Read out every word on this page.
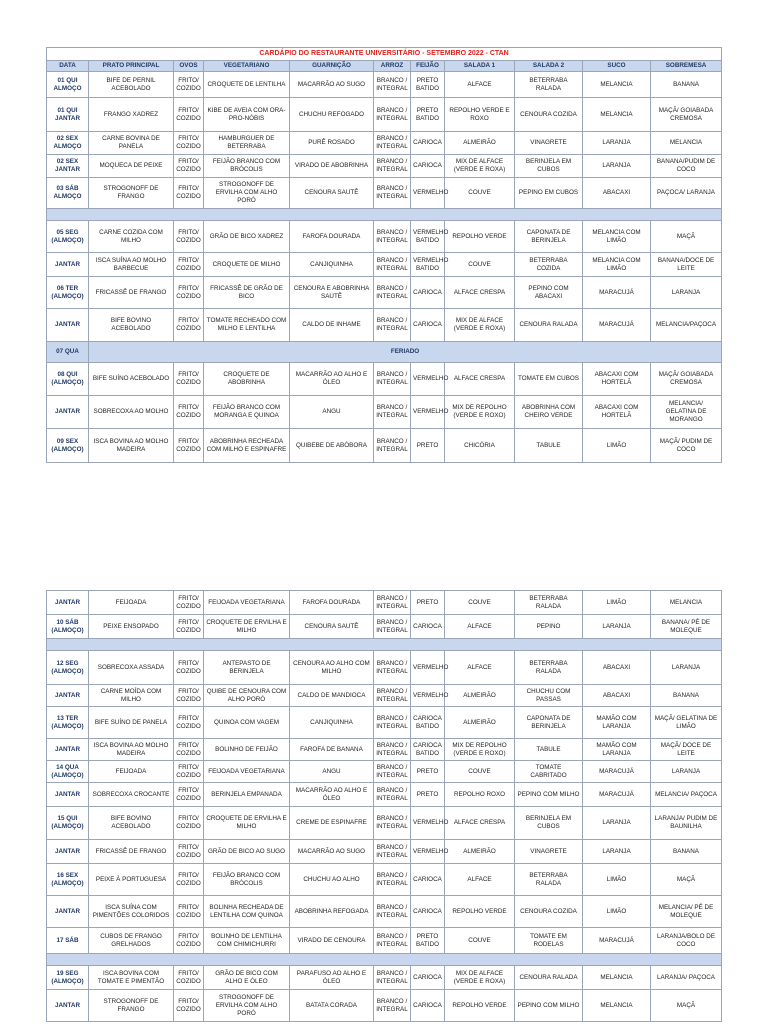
CARDÁPIO DO RESTAURANTE UNIVERSITÁRIO - SETEMBRO 2022 - CTAN										
DATA	PRATO PRINCIPAL	OVOS	VEGETARIANO	GUARNIÇÃO	ARROZ	FEIJÃO	SALADA 1	SALADA 2	SUCO	SOBREMESA
01 QUI ALMOÇO	BIFE DE PERNIL ACEBOLADO	FRITO/ COZIDO	CROQUETE DE LENTILHA	MACARRÃO AO SUGO	BRANCO / INTEGRAL	PRETO BATIDO	ALFACE	BETERRABA RALADA	MELANCIA	BANANA
01 QUI JANTAR	FRANGO XADREZ	FRITO/ COZIDO	KIBE DE AVEIA COM ORA-PRO-NÓBIS	CHUCHU REFOGADO	BRANCO / INTEGRAL	PRETO BATIDO	REPOLHO VERDE E ROXO	CENOURA COZIDA	MELANCIA	MAÇÃ/ GOIABADA CREMOSA
02 SEX ALMOÇO	CARNE BOVINA DE PANELA	FRITO/ COZIDO	HAMBURGUER DE BETERRABA	PURÊ ROSADO	BRANCO / INTEGRAL	CARIOCA	ALMEIRÃO	VINAGRETE	LARANJA	MELANCIA
02 SEX JANTAR	MOQUECA DE PEIXE	FRITO/ COZIDO	FEIJÃO BRANCO COM BRÓCOLIS	VIRADO DE ABOBRINHA	BRANCO / INTEGRAL	CARIOCA	MIX DE ALFACE (VERDE E ROXA)	BERINJELA EM CUBOS	LARANJA	BANANA/PUDIM DE COCO
03 SÁB ALMOÇO	STROGONOFF DE FRANGO	FRITO/ COZIDO	STROGONOFF DE ERVILHA COM ALHO PORÓ	CENOURA SAUTÊ	BRANCO / INTEGRAL	VERMELHO	COUVE	PEPINO EM CUBOS	ABACAXI	PAÇOCA/ LARANJA

05 SEG (ALMOÇO)	CARNE COZIDA COM MILHO	FRITO/ COZIDO	GRÃO DE BICO XADREZ	FAROFA DOURADA	BRANCO / INTEGRAL	VERMELHO BATIDO	REPOLHO VERDE	CAPONATA DE BERINJELA	MELANCIA COM LIMÃO	MAÇÃ
JANTAR	ISCA SUÍNA AO MOLHO BARBECUE	FRITO/ COZIDO	CROQUETE DE MILHO	CANJIQUINHA	BRANCO / INTEGRAL	VERMELHO BATIDO	COUVE	BETERRABA COZIDA	MELANCIA COM LIMÃO	BANANA/DOCE DE LEITE
06 TER (ALMOÇO)	FRICASSÊ DE FRANGO	FRITO/ COZIDO	FRICASSÊ DE GRÃO DE BICO	CENOURA E ABOBRINHA SAUTÊ	BRANCO / INTEGRAL	CARIOCA	ALFACE CRESPA	PEPINO COM ABACAXI	MARACUJÁ	LARANJA
JANTAR	BIFE BOVINO ACEBOLADO	FRITO/ COZIDO	TOMATE RECHEADO COM MILHO E LENTILHA	CALDO DE INHAME	BRANCO / INTEGRAL	CARIOCA	MIX DE ALFACE (VERDE E ROXA)	CENOURA RALADA	MARACUJÁ	MELANCIA/PAÇOCA
07 QUA	FERIADO									
08 QUI (ALMOÇO)	BIFE SUÍNO ACEBOLADO	FRITO/ COZIDO	CROQUETE DE ABOBRINHA	MACARRÃO AO ALHO E ÓLEO	BRANCO / INTEGRAL	VERMELHO	ALFACE CRESPA	TOMATE EM CUBOS	ABACAXI COM HORTELÃ	MAÇÃ/ GOIABADA CREMOSA
JANTAR	SOBRECOXA AO MOLHO	FRITO/ COZIDO	FEIJÃO BRANCO COM MORANGA E QUINOA	ANGU	BRANCO / INTEGRAL	VERMELHO	MIX DE REPOLHO (VERDE E ROXO)	ABOBRINHA COM CHEIRO VERDE	ABACAXI COM HORTELÃ	MELANCIA/ GELATINA DE MORANGO
09 SEX (ALMOÇO)	ISCA BOVINA AO MOLHO MADEIRA	FRITO/ COZIDO	ABOBRINHA RECHEADA COM MILHO E ESPINAFRE	QUIBEBE DE ABÓBORA	BRANCO / INTEGRAL	PRETO	CHICÓRIA	TABULE	LIMÃO	MAÇÃ/ PUDIM DE COCO
JANTAR	FEIJOADA	FRITO/ COZIDO	FEIJOADA VEGETARIANA	FAROFA DOURADA	BRANCO / INTEGRAL	PRETO	COUVE	BETERRABA RALADA	LIMÃO	MELANCIA
10 SÁB (ALMOÇO)	PEIXE ENSOPADO	FRITO/ COZIDO	CROQUETE DE ERVILHA E MILHO	CENOURA SAUTÊ	BRANCO / INTEGRAL	CARIOCA	ALFACE	PEPINO	LARANJA	BANANA/ PÉ DE MOLEQUE

12 SEG (ALMOÇO)	SOBRECOXA ASSADA	FRITO/ COZIDO	ANTEPASTO DE BERINJELA	CENOURA AO ALHO COM MILHO	BRANCO / INTEGRAL	VERMELHO	ALFACE	BETERRABA RALADA	ABACAXI	LARANJA
JANTAR	CARNE MOÍDA COM MILHO	FRITO/ COZIDO	QUIBE DE CENOURA COM ALHO PORÓ	CALDO DE MANDIOCA	BRANCO / INTEGRAL	VERMELHO	ALMEIRÃO	CHUCHU COM PASSAS	ABACAXI	BANANA
13 TER (ALMOÇO)	BIFE SUÍNO DE PANELA	FRITO/ COZIDO	QUINOA COM VAGEM	CANJIQUINHA	BRANCO / INTEGRAL	CARIOCA BATIDO	ALMEIRÃO	CAPONATA DE BERINJELA	MAMÃO COM LARANJA	MAÇÃ/ GELATINA DE LIMÃO
JANTAR	ISCA BOVINA AO MOLHO MADEIRA	FRITO/ COZIDO	BOLINHO DE FEIJÃO	FAROFA DE BANANA	BRANCO / INTEGRAL	CARIOCA BATIDO	MIX DE REPOLHO (VERDE E ROXO)	TABULE	MAMÃO COM LARANJA	MAÇÃ/ DOCE DE LEITE
14 QUA (ALMOÇO)	FEIJOADA	FRITO/ COZIDO	FEIJOADA VEGETARIANA	ANGU	BRANCO / INTEGRAL	PRETO	COUVE	TOMATE CABRITADO	MARACUJÁ	LARANJA
JANTAR	SOBRECOXA CROCANTE	FRITO/ COZIDO	BERINJELA EMPANADA	MACARRÃO AO ALHO E ÓLEO	BRANCO / INTEGRAL	PRETO	REPOLHO ROXO	PEPINO COM MILHO	MARACUJÁ	MELANCIA/ PAÇOCA
15 QUI (ALMOÇO)	BIFE BOVINO ACEBOLADO	FRITO/ COZIDO	CROQUETE DE ERVILHA E MILHO	CREME DE ESPINAFRE	BRANCO / INTEGRAL	VERMELHO	ALFACE CRESPA	BERINJELA EM CUBOS	LARANJA	LARANJA/ PUDIM DE BAUNILHA
JANTAR	FRICASSÊ DE FRANGO	FRITO/ COZIDO	GRÃO DE BICO AO SUGO	MACARRÃO AO SUGO	BRANCO / INTEGRAL	VERMELHO	ALMEIRÃO	VINAGRETE	LARANJA	BANANA
16 SEX (ALMOÇO)	PEIXE À PORTUGUESA	FRITO/ COZIDO	FEIJÃO BRANCO COM BRÓCOLIS	CHUCHU AO ALHO	BRANCO / INTEGRAL	CARIOCA	ALFACE	BETERRABA RALADA	LIMÃO	MAÇÃ
JANTAR	ISCA SUÍNA COM PIMENTÕES COLORIDOS	FRITO/ COZIDO	BOLINHA RECHEADA DE LENTILHA COM QUINOA	ABOBRINHA REFOGADA	BRANCO / INTEGRAL	CARIOCA	REPOLHO VERDE	CENOURA COZIDA	LIMÃO	MELANCIA/ PÉ DE MOLEQUE
17 SÁB	CUBOS DE FRANGO GRELHADOS	FRITO/ COZIDO	BOLINHO DE LENTILHA COM CHIMICHURRI	VIRADO DE CENOURA	BRANCO / INTEGRAL	PRETO BATIDO	COUVE	TOMATE EM RODELAS	MARACUJÁ	LARANJA/BOLO DE COCO

19 SEG (ALMOÇO)	ISCA BOVINA COM TOMATE E PIMENTÃO	FRITO/ COZIDO	GRÃO DE BICO COM ALHO E ÓLEO	PARAFUSO AO ALHO E ÓLEO	BRANCO / INTEGRAL	CARIOCA	MIX DE ALFACE (VERDE E ROXA)	CENOURA RALADA	MELANCIA	LARANJA/ PAÇOCA
JANTAR	STROGONOFF DE FRANGO	FRITO/ COZIDO	STROGONOFF DE ERVILHA COM ALHO PORÓ	BATATA CORADA	BRANCO / INTEGRAL	CARIOCA	REPOLHO VERDE	PEPINO COM MILHO	MELANCIA	MAÇÃ
